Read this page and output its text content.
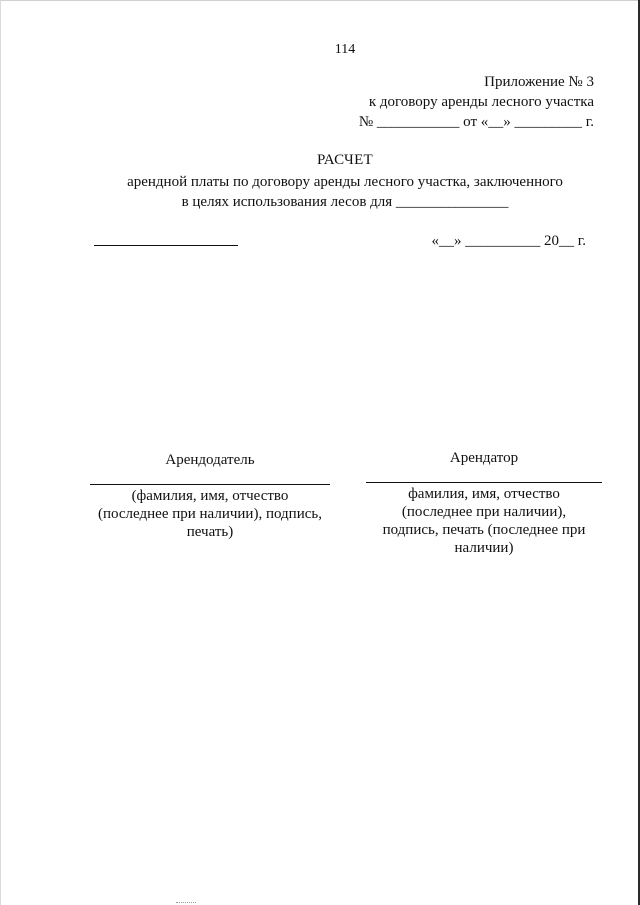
114
Приложение № 3
к договору аренды лесного участка
№ ___________ от «__» _________ г.
РАСЧЕТ
арендной платы по договору аренды лесного участка, заключенного
в целях использования лесов для _______________
«__» __________ 20__ г.
Арендодатель
(фамилия, имя, отчество
(последнее при наличии), подпись,
печать)
Арендатор
фамилия, имя, отчество
(последнее при наличии),
подпись, печать (последнее при
наличии)
